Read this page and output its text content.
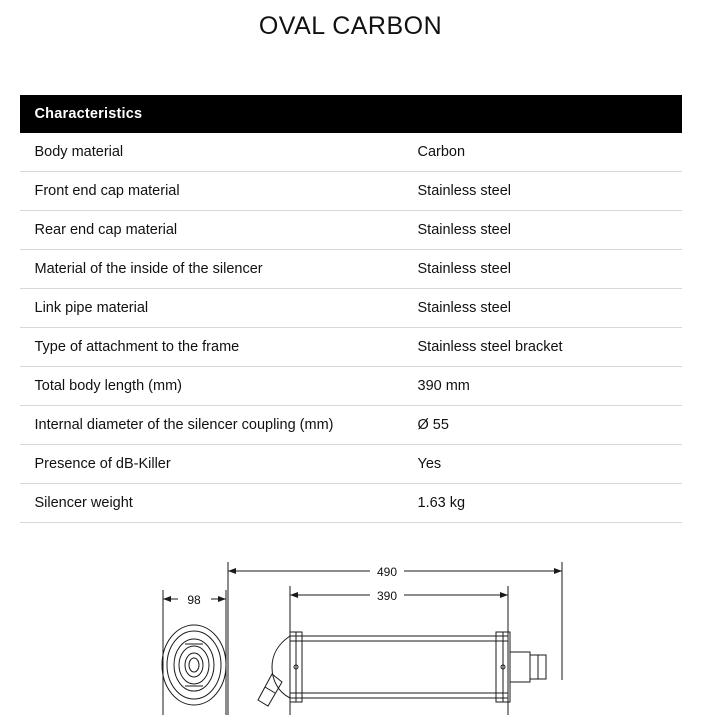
OVAL CARBON
Characteristics	
Body material	Carbon
Front end cap material	Stainless steel
Rear end cap material	Stainless steel
Material of the inside of the silencer	Stainless steel
Link pipe material	Stainless steel
Type of attachment to the frame	Stainless steel bracket
Total body length (mm)	390 mm
Internal diameter of the silencer coupling (mm)	Ø 55
Presence of dB-Killer	Yes
Silencer weight	1.63 kg
490
390
98
